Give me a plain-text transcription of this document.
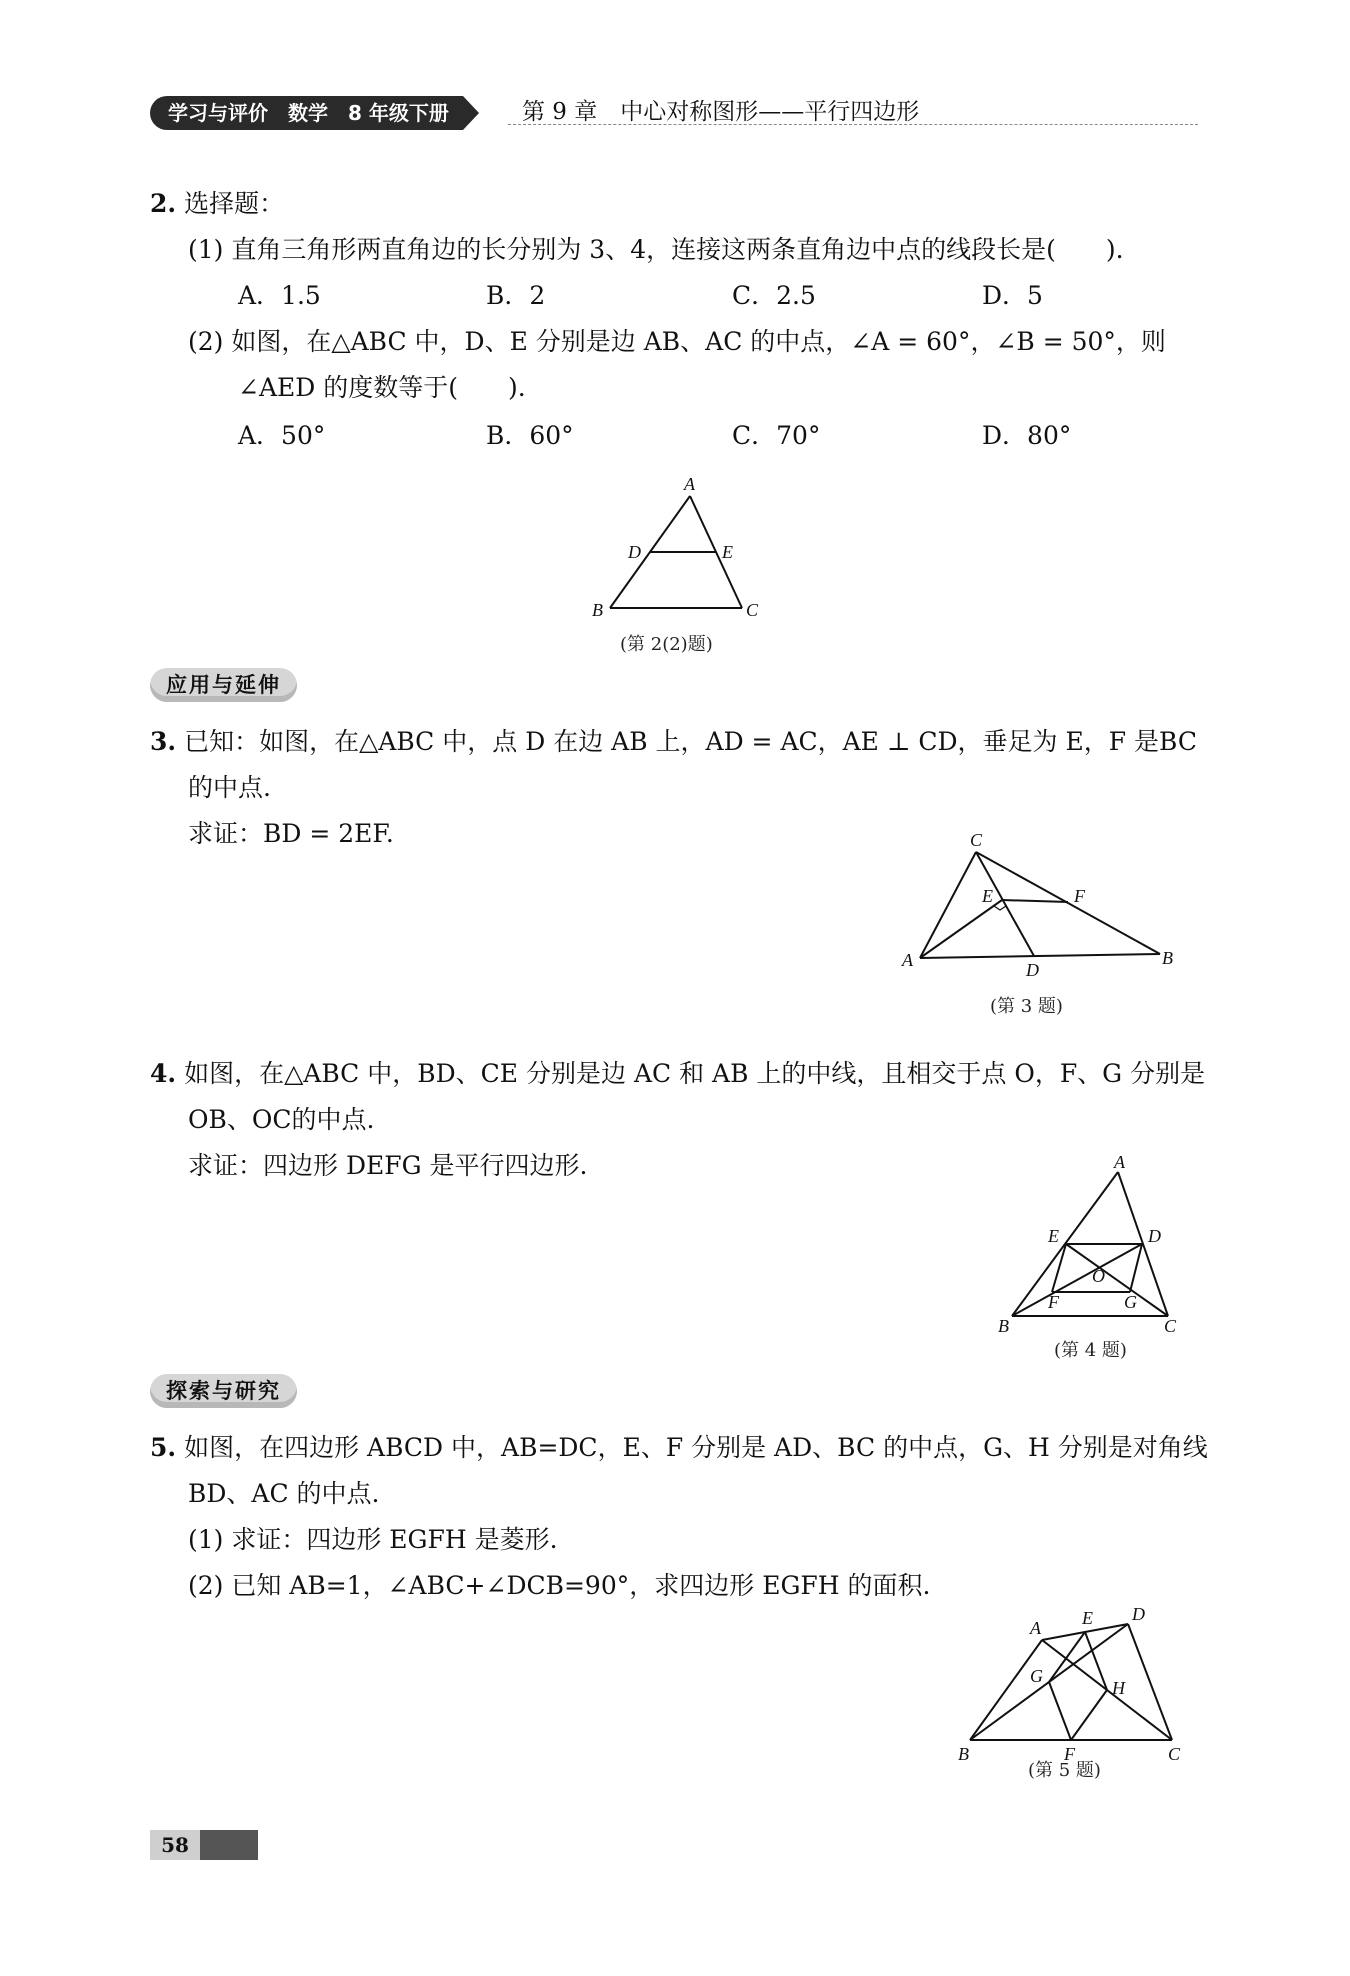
学习与评价　数学　8 年级下册	第 9 章　中心对称图形——平行四边形
2. 选择题：
(1) 直角三角形两直角边的长分别为 3、4，连接这两条直角边中点的线段长是(　　).
A．1.5	B．2	C．2.5	D．5
(2) 如图，在△ABC 中，D、E 分别是边 AB、AC 的中点，∠A = 60°，∠B = 50°，则
∠AED 的度数等于(　　).
A．50°	B．60°	C．70°	D．80°
A
B	C
D	E
(第 2(2)题)
应用与延伸
3. 已知：如图，在△ABC 中，点 D 在边 AB 上，AD = AC，AE ⊥ CD，垂足为 E，F 是BC
的中点.
求证：BD = 2EF.	C
A	B
D
E	F
(第 3 题)
4. 如图，在△ABC 中，BD、CE 分别是边 AC 和 AB 上的中线，且相交于点 O，F、G 分别是
OB、OC的中点.
求证：四边形 DEFG 是平行四边形.	A
E	D
O
F	G
B	C
(第 4 题)
探索与研究
5. 如图，在四边形 ABCD 中，AB=DC，E、F 分别是 AD、BC 的中点，G、H 分别是对角线
BD、AC 的中点.
(1) 求证：四边形 EGFH 是菱形.
(2) 已知 AB=1，∠ABC+∠DCB=90°，求四边形 EGFH 的面积.
A E D
G
H
B	F	C
(第 5 题)
58
